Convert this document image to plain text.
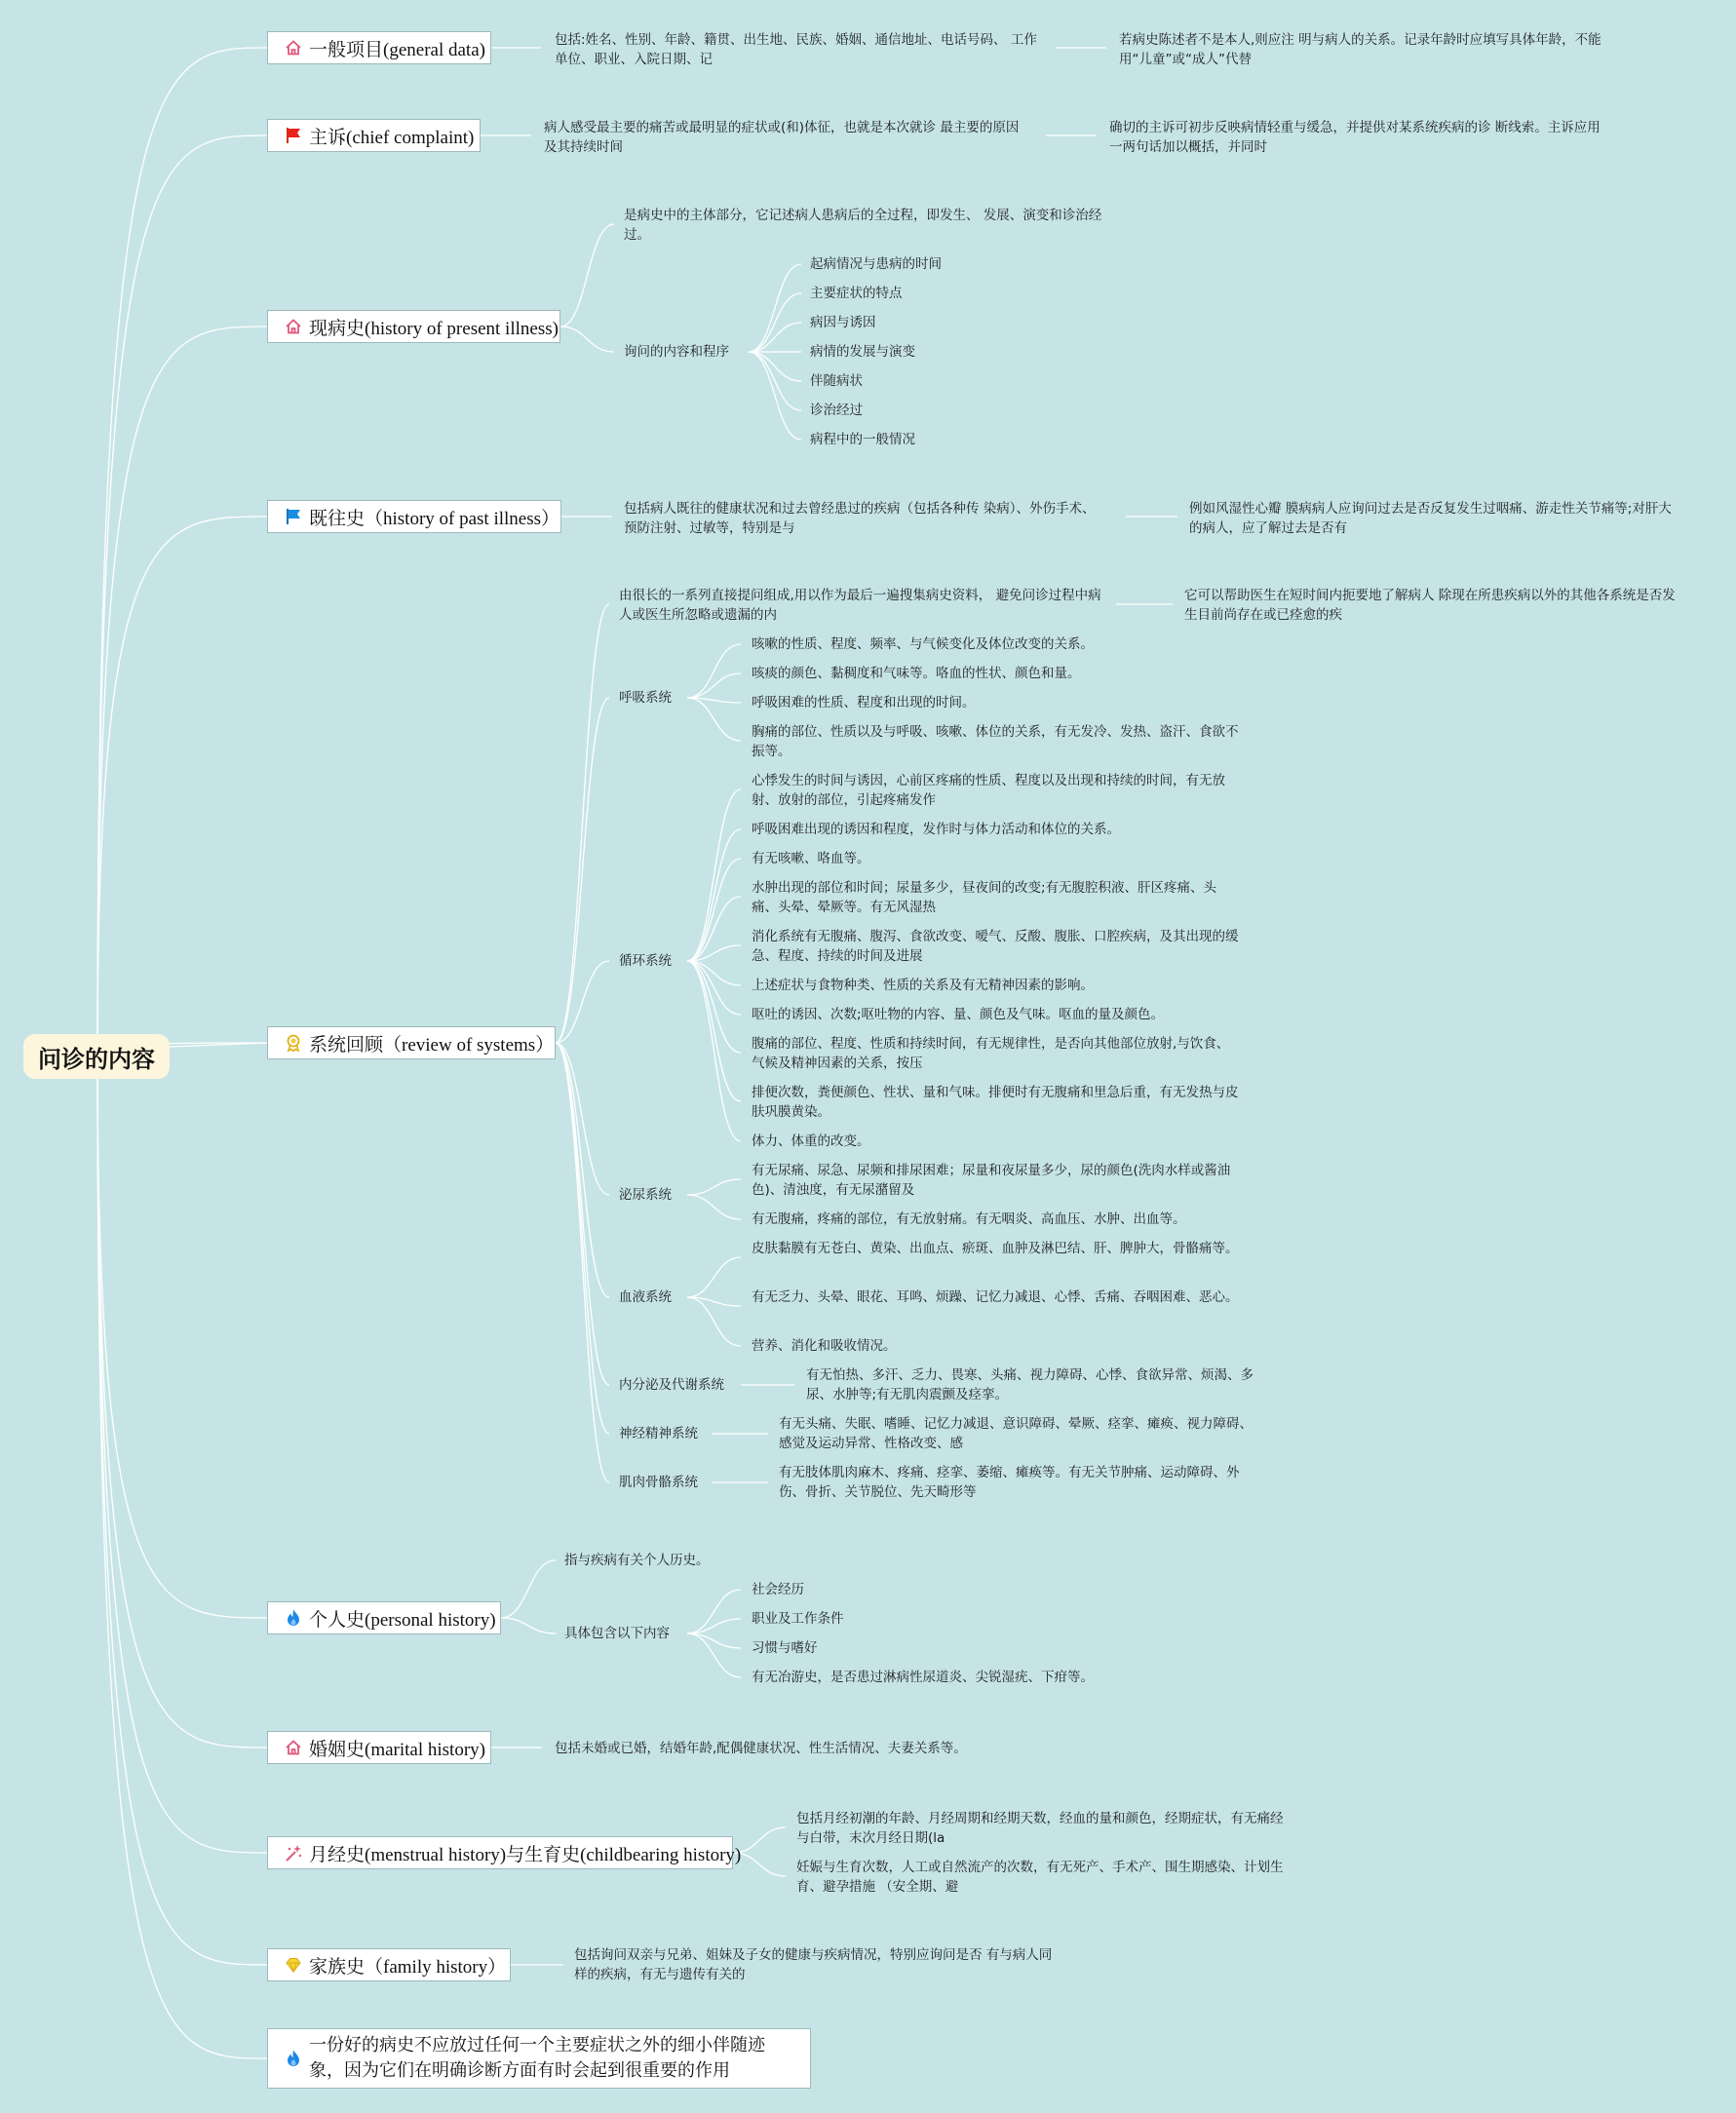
问诊的内容
一般项目(general data)	包括:姓名、性别、年龄、籍贯、出生地、民族、婚姻、通信地址、电话号码、 工作单位、职业、入院日期、记
若病史陈述者不是本人,则应注 明与病人的关系。记录年龄时应填写具体年龄，不能用“儿童”或“成人”代替
主诉(chief complaint)	病人感受最主要的痛苦或最明显的症状或(和)体征，也就是本次就诊 最主要的原因及其持续时间
确切的主诉可初步反映病情轻重与缓急，并提供对某系统疾病的诊 断线索。主诉应用一两句话加以概括，并同时
现病史(history of present illness)
是病史中的主体部分，它记述病人患病后的全过程，即发生、 发展、演变和诊治经过。
询问的内容和程序
起病情况与患病的时间
主要症状的特点
病因与诱因
病情的发展与演变
伴随病状
诊治经过
病程中的一般情况
既往史（history of past illness）	包括病人既往的健康状况和过去曾经患过的疾病（包括各种传 染病）、外伤手术、预防注射、过敏等，特别是与
例如风湿性心瓣 膜病病人应询问过去是否反复发生过咽痛、游走性关节痛等;对肝大的病人，应了解过去是否有
系统回顾（review of systems）
由很长的一系列直接提问组成,用以作为最后一遍搜集病史资料， 避免问诊过程中病人或医生所忽略或遗漏的内
它可以帮助医生在短时间内扼要地了解病人 除现在所患疾病以外的其他各系统是否发生目前尚存在或已痊愈的疾
呼吸系统
咳嗽的性质、程度、频率、与气候变化及体位改变的关系。
咳痰的颜色、黏稠度和气味等。咯血的性状、颜色和量。
呼吸困难的性质、程度和出现的时间。
胸痛的部位、性质以及与呼吸、咳嗽、体位的关系，有无发冷、发热、盗汗、食欲不振等。
循环系统
心悸发生的时间与诱因，心前区疼痛的性质、程度以及出现和持续的时间，有无放射、放射的部位，引起疼痛发作
呼吸困难出现的诱因和程度，发作时与体力活动和体位的关系。
有无咳嗽、咯血等。
水肿出现的部位和时间；尿量多少，昼夜间的改变;有无腹腔积液、肝区疼痛、头痛、头晕、晕厥等。有无风湿热
消化系统有无腹痛、腹泻、食欲改变、嗳气、反酸、腹胀、口腔疾病，及其出现的缓急、程度、持续的时间及进展
上述症状与食物种类、性质的关系及有无精神因素的影响。
呕吐的诱因、次数;呕吐物的内容、量、颜色及气味。呕血的量及颜色。
腹痛的部位、程度、性质和持续时间，有无规律性，是否向其他部位放射,与饮食、气候及精神因素的关系，按压
排便次数，粪便颜色、性状、量和气味。排便时有无腹痛和里急后重，有无发热与皮肤巩膜黄染。
体力、体重的改变。
泌尿系统
有无尿痛、尿急、尿频和排尿困难；尿量和夜尿量多少，尿的颜色(洗肉水样或酱油色)、清浊度，有无尿潴留及
有无腹痛，疼痛的部位，有无放射痛。有无咽炎、高血压、水肿、出血等。
血液系统
皮肤黏膜有无苍白、黄染、出血点、瘀斑、血肿及淋巴结、肝、脾肿大，骨骼痛等。
有无乏力、头晕、眼花、耳鸣、烦躁、记忆力减退、心悸、舌痛、吞咽困难、恶心。
营养、消化和吸收情况。
内分泌及代谢系统
有无怕热、多汗、乏力、畏寒、头痛、视力障碍、心悸、食欲异常、烦渴、多尿、水肿等;有无肌肉震颤及痉挛。
神经精神系统
有无头痛、失眠、嗜睡、记忆力减退、意识障碍、晕厥、痉挛、瘫痪、视力障碍、感觉及运动异常、性格改变、感
肌肉骨骼系统
有无肢体肌肉麻木、疼痛、痉挛、萎缩、瘫痪等。有无关节肿痛、运动障碍、外伤、骨折、关节脱位、先天畸形等
个人史(personal history)
指与疾病有关个人历史。
具体包含以下内容
社会经历
职业及工作条件
习惯与嗜好
有无冶游史，是否患过淋病性尿道炎、尖锐湿疣、下疳等。
婚姻史(marital history)	包括未婚或已婚，结婚年龄,配偶健康状况、性生活情况、夫妻关系等。
月经史(menstrual history)与生育史(childbearing history)
包括月经初潮的年龄、月经周期和经期天数，经血的量和颜色，经期症状，有无痛经与白带，末次月经日期(la
妊娠与生育次数，人工或自然流产的次数，有无死产、手术产、围生期感染、计划生育、避孕措施 （安全期、避
家族史（family history）
包括询问双亲与兄弟、姐妹及子女的健康与疾病情况，特别应询问是否 有与病人同样的疾病，有无与遗传有关的
一份好的病史不应放过任何一个主要症状之外的细小伴随迹象，因为它们在明确诊断方面有时会起到很重要的作用
